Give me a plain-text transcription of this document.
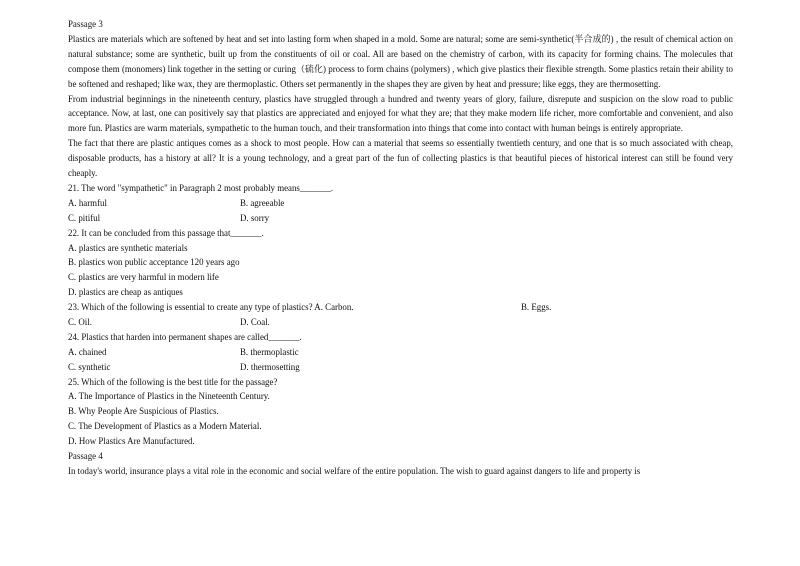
Passage 3
Plastics are materials which are softened by heat and set into lasting form when shaped in a mold. Some are natural; some are semi-synthetic(半合成的) , the result of chemical action on natural substance; some are synthetic, built up from the constituents of oil or coal. All are based on the chemistry of carbon, with its capacity for forming chains. The molecules that compose them (monomers) link together in the setting or curing（硫化) process to form chains (polymers) , which give plastics their flexible strength. Some plastics retain their ability to be softened and reshaped; like wax, they are thermoplastic. Others set permanently in the shapes they are given by heat and pressure; like eggs, they are thermosetting.
From industrial beginnings in the nineteenth century, plastics have struggled through a hundred and twenty years of glory, failure, disrepute and suspicion on the slow road to public acceptance. Now, at last, one can positively say that plastics are appreciated and enjoyed for what they are; that they make modern life richer, more comfortable and convenient, and also more fun. Plastics are warm materials, sympathetic to the human touch, and their transformation into things that come into contact with human beings is entirely appropriate.
The fact that there are plastic antiques comes as a shock to most people. How can a material that seems so essentially twentieth century, and one that is so much associated with cheap, disposable products, has a history at all? It is a young technology, and a great part of the fun of collecting plastics is that beautiful pieces of historical interest can still be found very cheaply.
21. The word "sympathetic" in Paragraph 2 most probably means_______.
A. harmful	B. agreeable
C. pitiful	D. sorry
22. It can be concluded from this passage that_______.
A. plastics are synthetic materials
B. plastics won public acceptance 120 years ago
C. plastics are very harmful in modern life
D. plastics are cheap as antiques
23. Which of the following is essential to create any type of plastics? A. Carbon.	B. Eggs.
C. Oil.	D. Coal.
24. Plastics that harden into permanent shapes are called_______.
A. chained	B. thermoplastic
C. synthetic	D. thermosetting
25. Which of the following is the best title for the passage?
A. The Importance of Plastics in the Nineteenth Century.
B. Why People Are Suspicious of Plastics.
C. The Development of Plastics as a Modern Material.
D. How Plastics Are Manufactured.
Passage 4
In today's world, insurance plays a vital role in the economic and social welfare of the entire population. The wish to guard against dangers to life and property is
